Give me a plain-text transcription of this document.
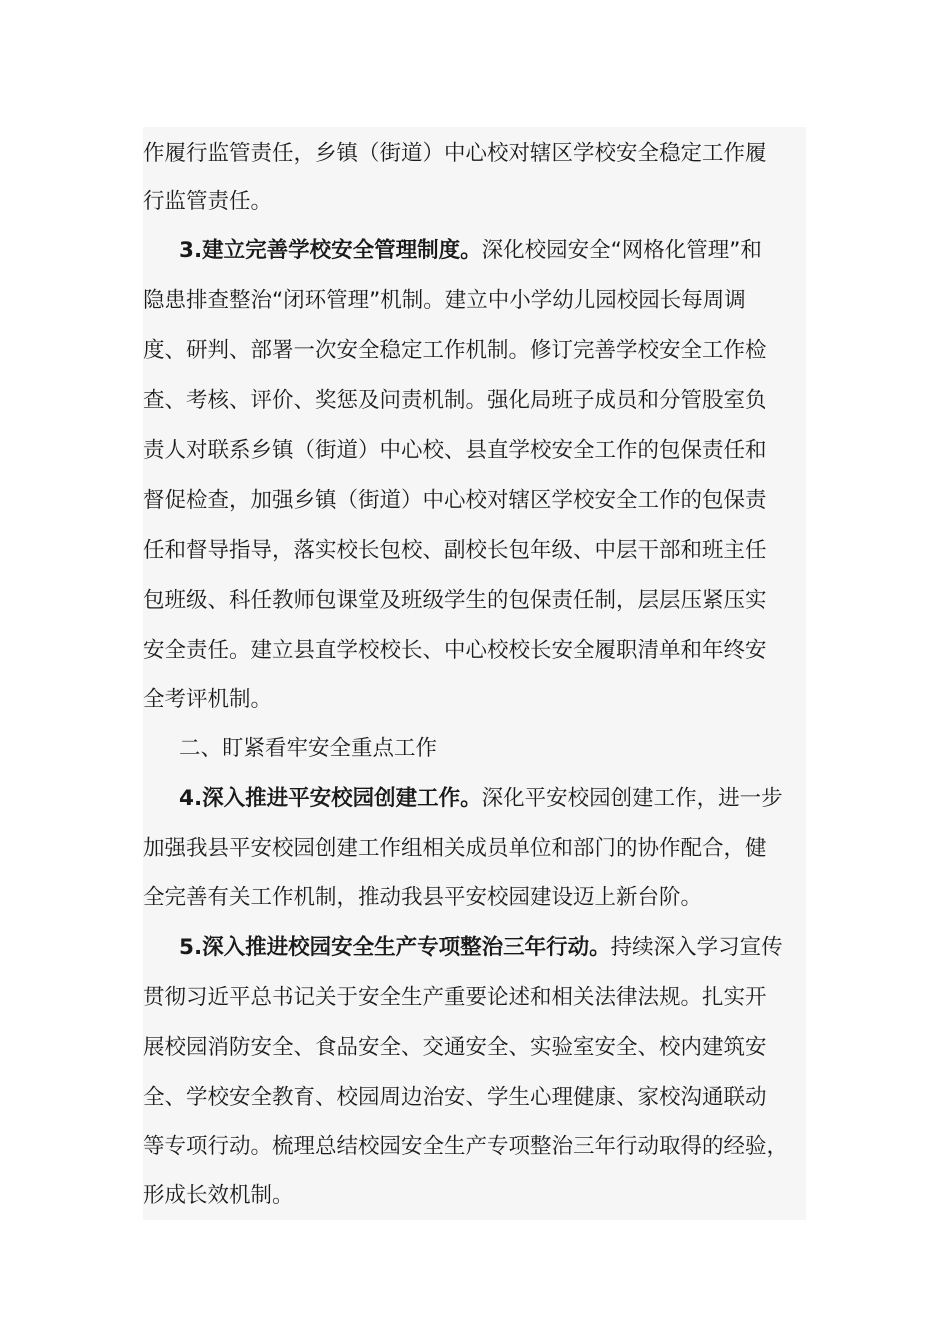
作履行监管责任，乡镇（街道）中心校对辖区学校安全稳定工作履
行监管责任。
3.建立完善学校安全管理制度。深化校园安全“网格化管理”和
隐患排查整治“闭环管理”机制。建立中小学幼儿园校园长每周调
度、研判、部署一次安全稳定工作机制。修订完善学校安全工作检
查、考核、评价、奖惩及问责机制。强化局班子成员和分管股室负
责人对联系乡镇（街道）中心校、县直学校安全工作的包保责任和
督促检查，加强乡镇（街道）中心校对辖区学校安全工作的包保责
任和督导指导，落实校长包校、副校长包年级、中层干部和班主任
包班级、科任教师包课堂及班级学生的包保责任制，层层压紧压实
安全责任。建立县直学校校长、中心校校长安全履职清单和年终安
全考评机制。
二、盯紧看牢安全重点工作
4.深入推进平安校园创建工作。深化平安校园创建工作，进一步
加强我县平安校园创建工作组相关成员单位和部门的协作配合，健
全完善有关工作机制，推动我县平安校园建设迈上新台阶。
5.深入推进校园安全生产专项整治三年行动。持续深入学习宣传
贯彻习近平总书记关于安全生产重要论述和相关法律法规。扎实开
展校园消防安全、食品安全、交通安全、实验室安全、校内建筑安
全、学校安全教育、校园周边治安、学生心理健康、家校沟通联动
等专项行动。梳理总结校园安全生产专项整治三年行动取得的经验，
形成长效机制。
